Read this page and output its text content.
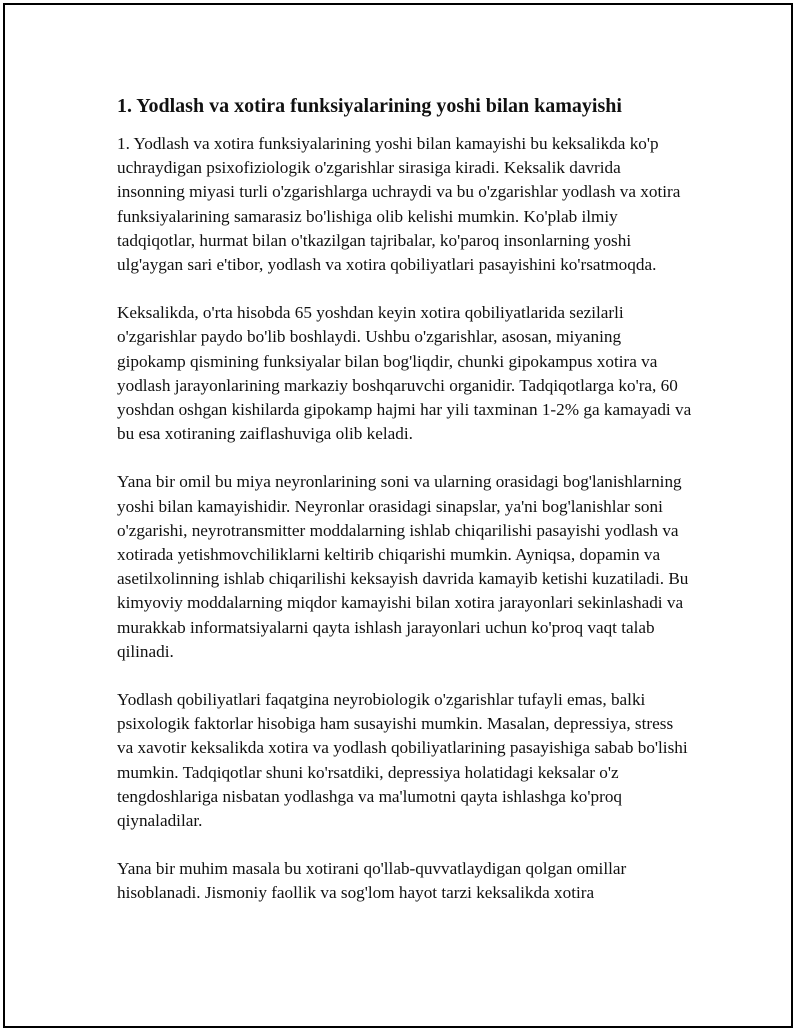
1. Yodlash va xotira funksiyalarining yoshi bilan kamayishi

1. Yodlash va xotira funksiyalarining yoshi bilan kamayishi bu keksalikda ko'p uchraydigan psixofiziologik o'zgarishlar sirasiga kiradi. Keksalik davrida insonning miyasi turli o'zgarishlarga uchraydi va bu o'zgarishlar yodlash va xotira funksiyalarining samarasiz bo'lishiga olib kelishi mumkin. Ko'plab ilmiy tadqiqotlar, hurmat bilan o'tkazilgan tajribalar, ko'paroq insonlarning yoshi ulg'aygan sari e'tibor, yodlash va xotira qobiliyatlari pasayishini ko'rsatmoqda.

Keksalikda, o'rta hisobda 65 yoshdan keyin xotira qobiliyatlarida sezilarli o'zgarishlar paydo bo'lib boshlaydi. Ushbu o'zgarishlar, asosan, miyaning gipokamp qismining funksiyalar bilan bog'liqdir, chunki gipokampus xotira va yodlash jarayonlarining markaziy boshqaruvchi organidir. Tadqiqotlarga ko'ra, 60 yoshdan oshgan kishilarda gipokamp hajmi har yili taxminan 1-2% ga kamayadi va bu esa xotiraning zaiflashuviga olib keladi.

Yana bir omil bu miya neyronlarining soni va ularning orasidagi bog'lanishlarning yoshi bilan kamayishidir. Neyronlar orasidagi sinapslar, ya'ni bog'lanishlar soni o'zgarishi, neyrotransmitter moddalarning ishlab chiqarilishi pasayishi yodlash va xotirada yetishmovchiliklarni keltirib chiqarishi mumkin. Ayniqsa, dopamin va asetilxolinning ishlab chiqarilishi keksayish davrida kamayib ketishi kuzatiladi. Bu kimyoviy moddalarning miqdor kamayishi bilan xotira jarayonlari sekinlashadi va murakkab informatsiyalarni qayta ishlash jarayonlari uchun ko'proq vaqt talab qilinadi.

Yodlash qobiliyatlari faqatgina neyrobiologik o'zgarishlar tufayli emas, balki psixologik faktorlar hisobiga ham susayishi mumkin. Masalan, depressiya, stress va xavotir keksalikda xotira va yodlash qobiliyatlarining pasayishiga sabab bo'lishi mumkin. Tadqiqotlar shuni ko'rsatdiki, depressiya holatidagi keksalar o'z tengdoshlariga nisbatan yodlashga va ma'lumotni qayta ishlashga ko'proq qiynaladilar.

Yana bir muhim masala bu xotirani qo'llab-quvvatlaydigan qolgan omillar hisoblanadi. Jismoniy faollik va sog'lom hayot tarzi keksalikda xotira
